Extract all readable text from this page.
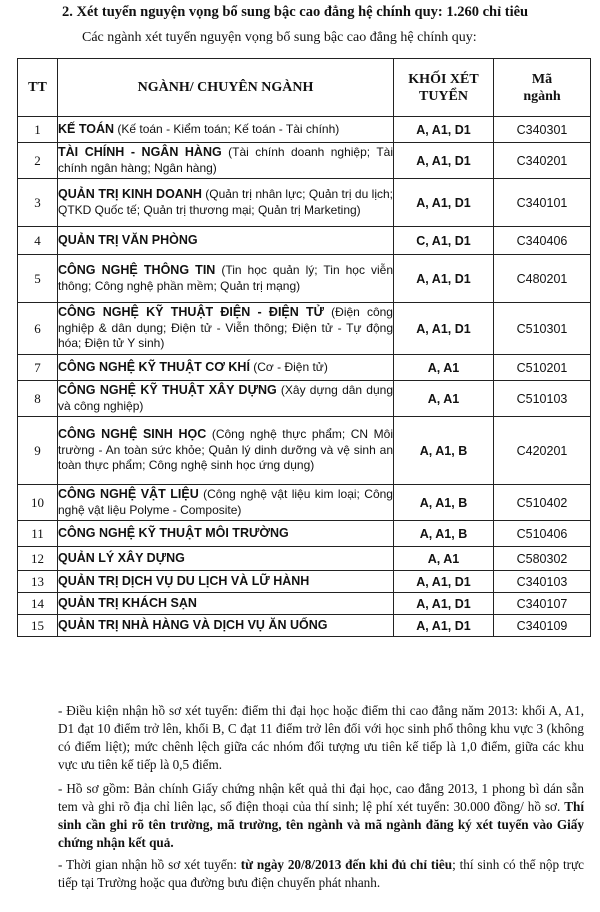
2. Xét tuyển nguyện vọng bổ sung bậc cao đẳng hệ chính quy: 1.260 chỉ tiêu
Các ngành xét tuyển nguyện vọng bổ sung bậc cao đẳng hệ chính quy:
TT	NGÀNH/ CHUYÊN NGÀNH	KHỐI XÉT TUYỂN	Mã ngành
1	KẾ TOÁN (Kế toán - Kiểm toán; Kế toán - Tài chính)	A, A1, D1	C340301
2	TÀI CHÍNH - NGÂN HÀNG (Tài chính doanh nghiệp; Tài chính ngân hàng; Ngân hàng)	A, A1, D1	C340201
3	QUẢN TRỊ KINH DOANH (Quản trị nhân lực; Quản trị du lịch; QTKD Quốc tế; Quản trị thương mại; Quản trị Marketing)	A, A1, D1	C340101
4	QUẢN TRỊ VĂN PHÒNG	C, A1, D1	C340406
5	CÔNG NGHỆ THÔNG TIN (Tin học quản lý; Tin học viễn thông; Công nghệ phần mềm; Quản trị mạng)	A, A1, D1	C480201
6	CÔNG NGHỆ KỸ THUẬT ĐIỆN - ĐIỆN TỬ (Điện công nghiệp & dân dụng; Điện tử - Viễn thông; Điện tử - Tự động hóa; Điện tử Y sinh)	A, A1, D1	C510301
7	CÔNG NGHỆ KỸ THUẬT CƠ KHÍ (Cơ - Điện tử)	A, A1	C510201
8	CÔNG NGHỆ KỸ THUẬT XÂY DỰNG (Xây dựng dân dụng và công nghiệp)	A, A1	C510103
9	CÔNG NGHỆ SINH HỌC (Công nghệ thực phẩm; CN Môi trường - An toàn sức khỏe; Quản lý dinh dưỡng và vệ sinh an toàn thực phẩm; Công nghệ sinh học ứng dụng)	A, A1, B	C420201
10	CÔNG NGHỆ VẬT LIỆU (Công nghệ vật liệu kim loại; Công nghệ vật liệu Polyme - Composite)	A, A1, B	C510402
11	CÔNG NGHỆ KỸ THUẬT MÔI TRƯỜNG	A, A1, B	C510406
12	QUẢN LÝ XÂY DỰNG	A, A1	C580302
13	QUẢN TRỊ DỊCH VỤ DU LỊCH VÀ LỮ HÀNH	A, A1, D1	C340103
14	QUẢN TRỊ KHÁCH SẠN	A, A1, D1	C340107
15	QUẢN TRỊ NHÀ HÀNG VÀ DỊCH VỤ ĂN UỐNG	A, A1, D1	C340109
- Điều kiện nhận hồ sơ xét tuyển: điểm thi đại học hoặc điểm thi cao đẳng năm 2013: khối A, A1, D1 đạt 10 điểm trở lên, khối B, C đạt 11 điểm trở lên đối với học sinh phổ thông khu vực 3 (không có điểm liệt); mức chênh lệch giữa các nhóm đối tượng ưu tiên kế tiếp là 1,0 điểm, giữa các khu vực ưu tiên kế tiếp là 0,5 điểm.
- Hồ sơ gồm: Bản chính Giấy chứng nhận kết quả thi đại học, cao đẳng 2013, 1 phong bì dán sẵn tem và ghi rõ địa chỉ liên lạc, số điện thoại của thí sinh; lệ phí xét tuyển: 30.000 đồng/ hồ sơ. Thí sinh cần ghi rõ tên trường, mã trường, tên ngành và mã ngành đăng ký xét tuyển vào Giấy chứng nhận kết quả.
- Thời gian nhận hồ sơ xét tuyển: từ ngày 20/8/2013 đến khi đủ chỉ tiêu; thí sinh có thể nộp trực tiếp tại Trường hoặc qua đường bưu điện chuyển phát nhanh.
